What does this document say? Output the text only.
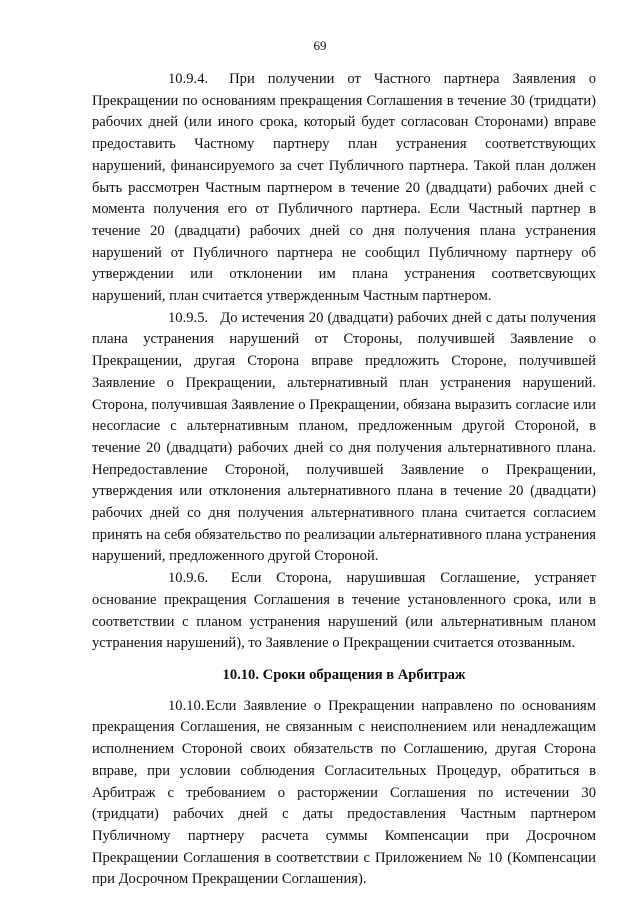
69

10.9.4. При получении от Частного партнера Заявления о Прекращении по основаниям прекращения Соглашения в течение 30 (тридцати) рабочих дней (или иного срока, который будет согласован Сторонами) вправе предоставить Частному партнеру план устранения соответствующих нарушений, финансируемого за счет Публичного партнера. Такой план должен быть рассмотрен Частным партнером в течение 20 (двадцати) рабочих дней с момента получения его от Публичного партнера. Если Частный партнер в течение 20 (двадцати) рабочих дней со дня получения плана устранения нарушений от Публичного партнера не сообщил Публичному партнеру об утверждении или отклонении им плана устранения соответсвующих нарушений, план считается утвержденным Частным партнером.

10.9.5. До истечения 20 (двадцати) рабочих дней с даты получения плана устранения нарушений от Стороны, получившей Заявление о Прекращении, другая Сторона вправе предложить Стороне, получившей Заявление о Прекращении, альтернативный план устранения нарушений. Сторона, получившая Заявление о Прекращении, обязана выразить согласие или несогласие с альтернативным планом, предложенным другой Стороной, в течение 20 (двадцати) рабочих дней со дня получения альтернативного плана. Непредоставление Стороной, получившей Заявление о Прекращении, утверждения или отклонения альтернативного плана в течение 20 (двадцати) рабочих дней со дня получения альтернативного плана считается согласием принять на себя обязательство по реализации альтернативного плана устранения нарушений, предложенного другой Стороной.

10.9.6. Если Сторона, нарушившая Соглашение, устраняет основание прекращения Соглашения в течение установленного срока, или в соответствии с планом устранения нарушений (или альтернативным планом устранения нарушений), то Заявление о Прекращении считается отозванным.

10.10. Сроки обращения в Арбитраж

10.10.1.Если Заявление о Прекращении направлено по основаниям прекращения Соглашения, не связанным с неисполнением или ненадлежащим исполнением Стороной своих обязательств по Соглашению, другая Сторона вправе, при условии соблюдения Согласительных Процедур, обратиться в Арбитраж с требованием о расторжении Соглашения по истечении 30 (тридцати) рабочих дней с даты предоставления Частным партнером Публичному партнеру расчета суммы Компенсации при Досрочном Прекращении Соглашения в соответствии с Приложением № 10 (Компенсации при Досрочном Прекращении Соглашения).
